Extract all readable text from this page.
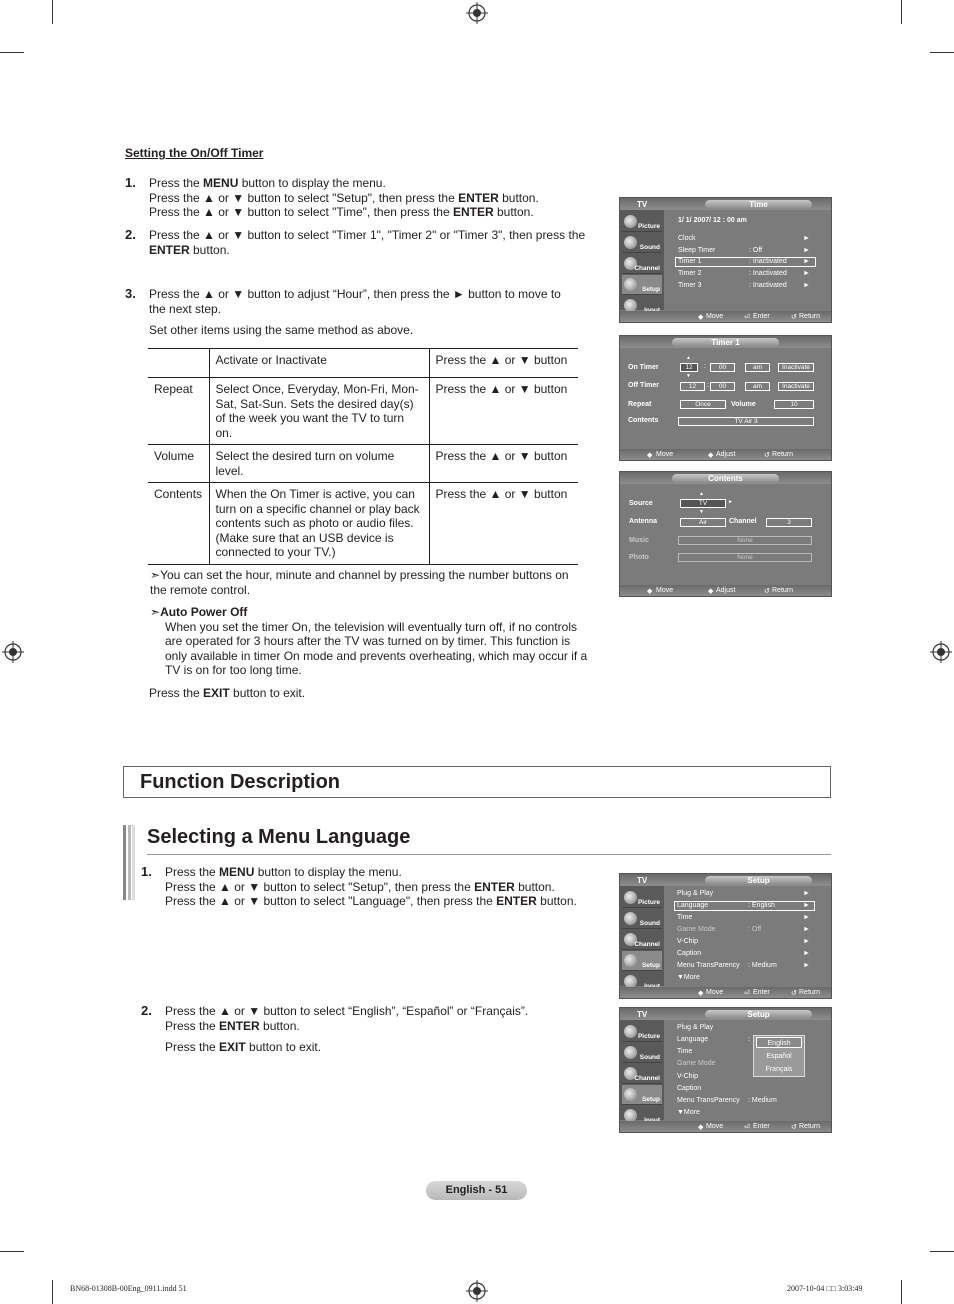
Setting the On/Off Timer
1. Press the MENU button to display the menu.

Press the ▲ or ▼ button to select "Setup", then press the ENTER button.

Press the ▲ or ▼ button to select "Time", then press the ENTER button.

2. Press the ▲ or ▼ button to select "Timer 1", "Timer 2" or "Timer 3", then press the

ENTER button.

3. Press the ▲ or ▼ button to adjust “Hour”, then press the ► button to move to

the next step.

Set other items using the same method as above.

	Activate or Inactivate	Press the ▲ or ▼ button
Repeat	Select Once, Everyday, Mon-Fri, Mon-Sat, Sat-Sun. Sets the desired day(s) of the week you want the TV to turn on.	Press the ▲ or ▼ button
Volume	Select the desired turn on volume level.	Press the ▲ or ▼ button
Contents	When the On Timer is active, you can turn on a specific channel or play back contents such as photo or audio files. (Make sure that an USB device is connected to your TV.)	Press the ▲ or ▼ button
➣You can set the hour, minute and channel by pressing the number buttons on the remote control.
➣Auto Power Off
When you set the timer On, the television will eventually turn off, if no controls are operated for 3 hours after the TV was turned on by timer. This function is only available in timer On mode and prevents overheating, which may occur if a TV is on for too long time.
Press the EXIT button to exit.
Function Description
Selecting a Menu Language
1. Press the MENU button to display the menu.

Press the ▲ or ▼ button to select "Setup", then press the ENTER button.

Press the ▲ or ▼ button to select "Language", then press the ENTER button.

2. Press the ▲ or ▼ button to select “English”, “Español” or “Français”.

Press the ENTER button.

Press the EXIT button to exit.

TV	Time
Picture
Sound
Channel
Setup
1/ 1/ 2007/ 12 : 00 am
Clock	►
Sleep Timer	: Off	►
Timer 1	: Inactivated ►
Timer 2	: Inactivated ►
Timer 3	: Inactivated ►
◆ Move	⏎ Enter	↺ Return
Timer 1
On Timer
▲
12
▼
:	00	am	Inactivate
Off Timer	12	:	00	am	Inactivate
Repeat	Once	Volume	10
Contents	TV Air 3
◆ Move	◆ Adjust	↺ Return
Contents
Source
▲
TV	►
▼
Antenna	Air	Channel	3
Music	None
Photo	None
◆ Move	◆ Adjust	↺ Return
TV	Setup
Picture
Sound
Channel
Setup
Plug & Play	►
Language	: English	►
Time	►
Game Mode	: Off	►
V-Chip	►
Caption	►
Menu TransParency : Medium	►
▼More
◆ Move	⏎ Enter	↺ Return
TV	Setup
Picture
Sound
Channel
Setup
Plug & Play
Language	:
Time
Game Mode
V-Chip
Caption
Menu TransParency : Medium
▼More
English
Español
Français
◆ Move	⏎ Enter	↺ Return
English - 51
BN68-01308B-00Eng_0911.indd 51	2007-10-04 □□ 3:03:49
